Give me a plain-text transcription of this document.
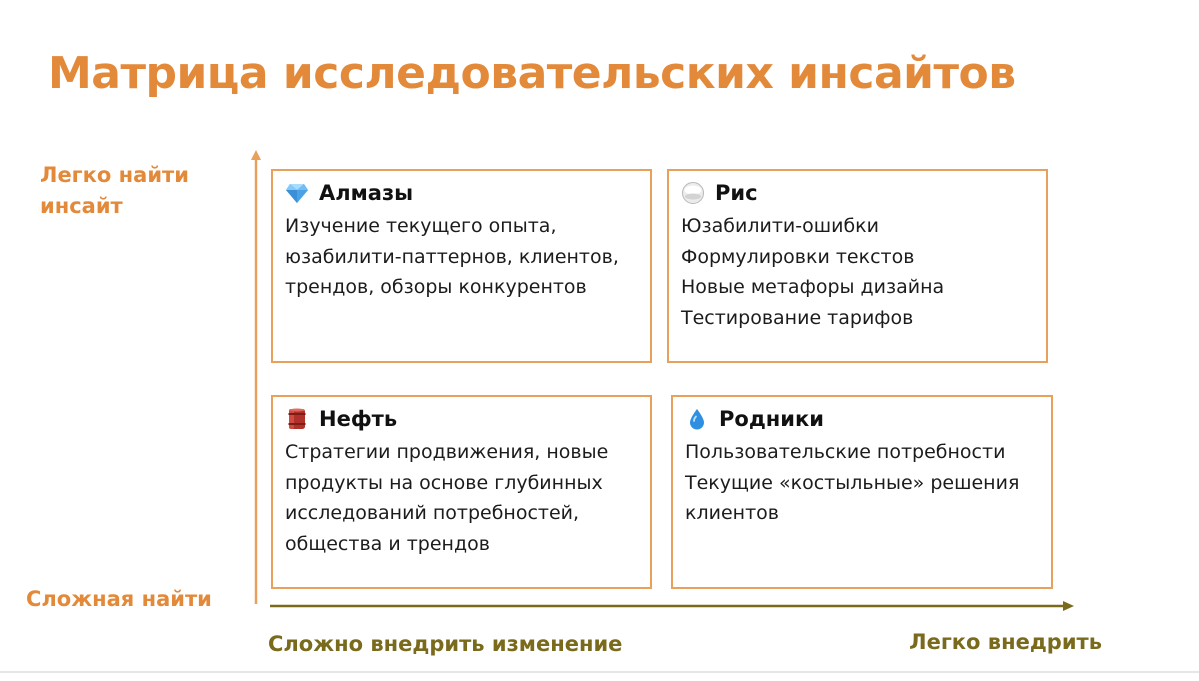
Матрица исследовательских инсайтов
Легко найти инсайт
Сложная найти
Сложно внедрить изменение	Легко внедрить
Алмазы
Изучение текущего опыта,
юзабилити-паттернов, клиентов,
трендов, обзоры конкурентов
Рис
Юзабилити-ошибки
Формулировки текстов
Новые метафоры дизайна
Тестирование тарифов
Нефть
Стратегии продвижения, новые
продукты на основе глубинных
исследований потребностей,
общества и трендов
Родники
Пользовательские потребности
Текущие «костыльные» решения
клиентов
